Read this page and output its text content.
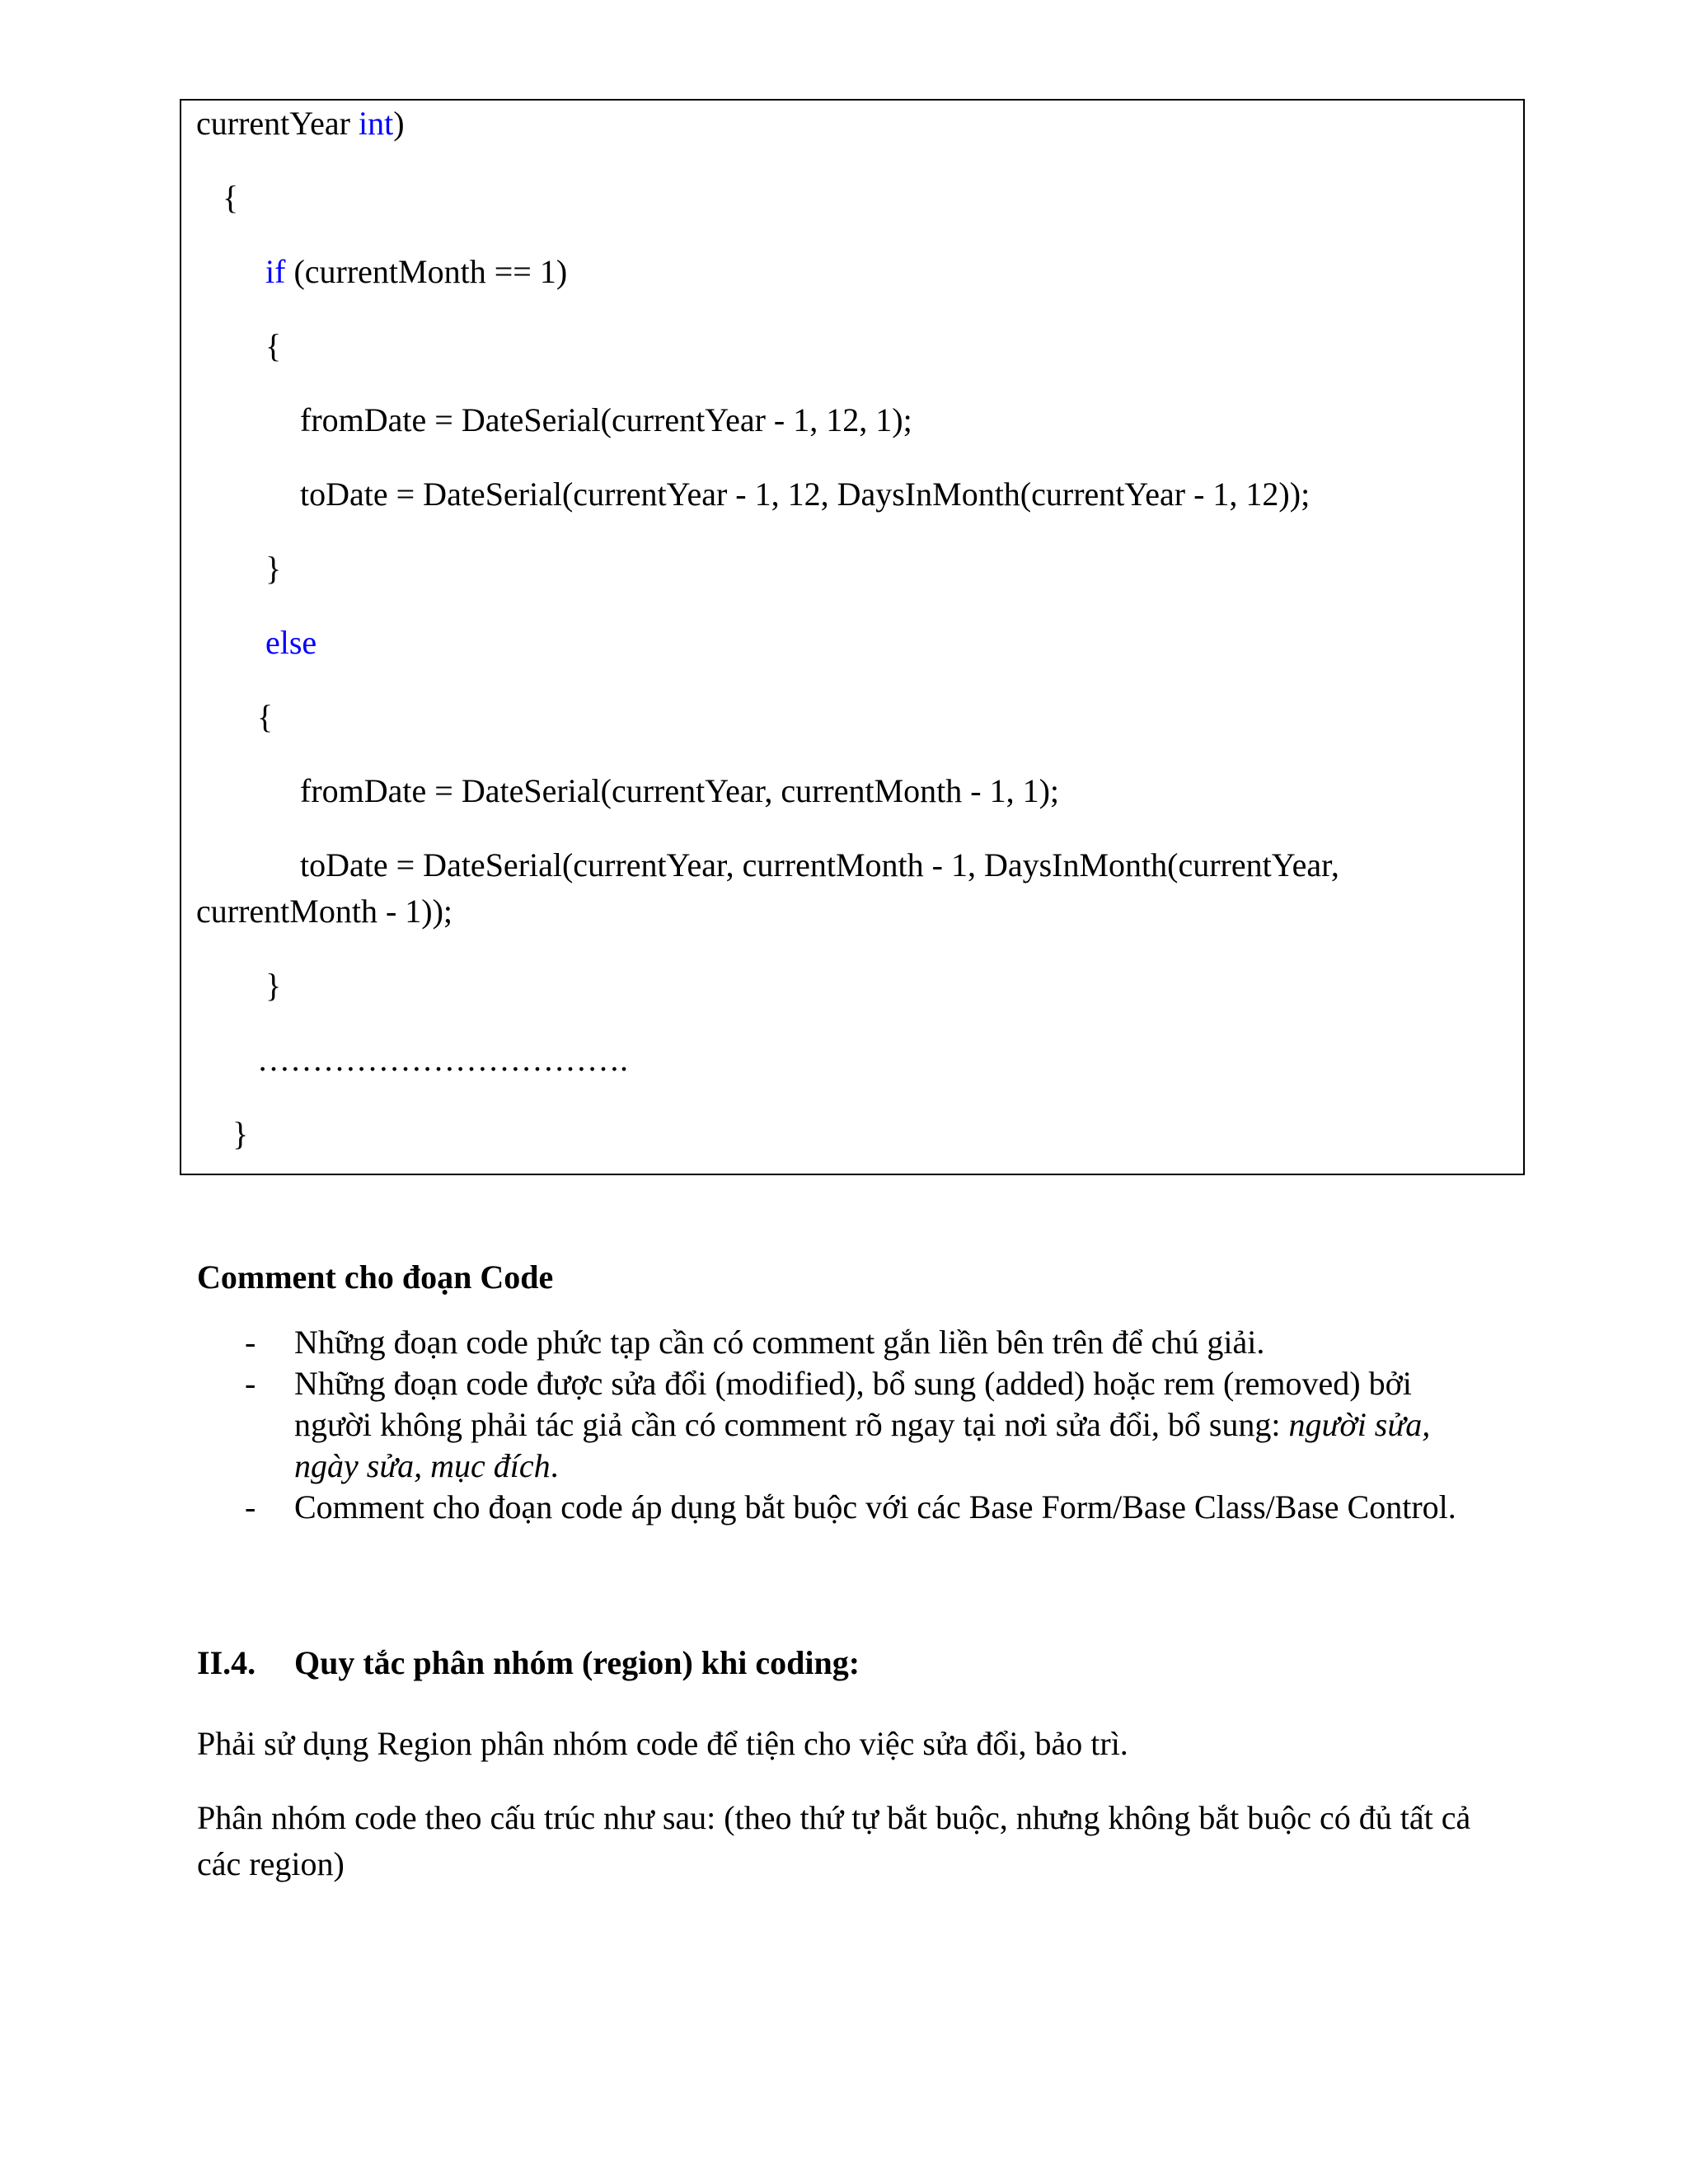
currentYear int)
{
if (currentMonth == 1)
{
fromDate = DateSerial(currentYear - 1, 12, 1);
toDate = DateSerial(currentYear - 1, 12, DaysInMonth(currentYear - 1, 12));
}
else
{
fromDate = DateSerial(currentYear, currentMonth - 1, 1);
toDate = DateSerial(currentYear, currentMonth - 1, DaysInMonth(currentYear,
currentMonth - 1));
}
…………………………….
}
Comment cho đoạn Code
- Những đoạn code phức tạp cần có comment gắn liền bên trên để chú giải.
- Những đoạn code được sửa đổi (modified), bổ sung (added) hoặc rem (removed) bởi người không phải tác giả cần có comment rõ ngay tại nơi sửa đổi, bổ sung: người sửa, ngày sửa, mục đích.
- Comment cho đoạn code áp dụng bắt buộc với các Base Form/Base Class/Base Control.
II.4. Quy tắc phân nhóm (region) khi coding:
Phải sử dụng Region phân nhóm code để tiện cho việc sửa đổi, bảo trì.
Phân nhóm code theo cấu trúc như sau: (theo thứ tự bắt buộc, nhưng không bắt buộc có đủ tất cả các region)
